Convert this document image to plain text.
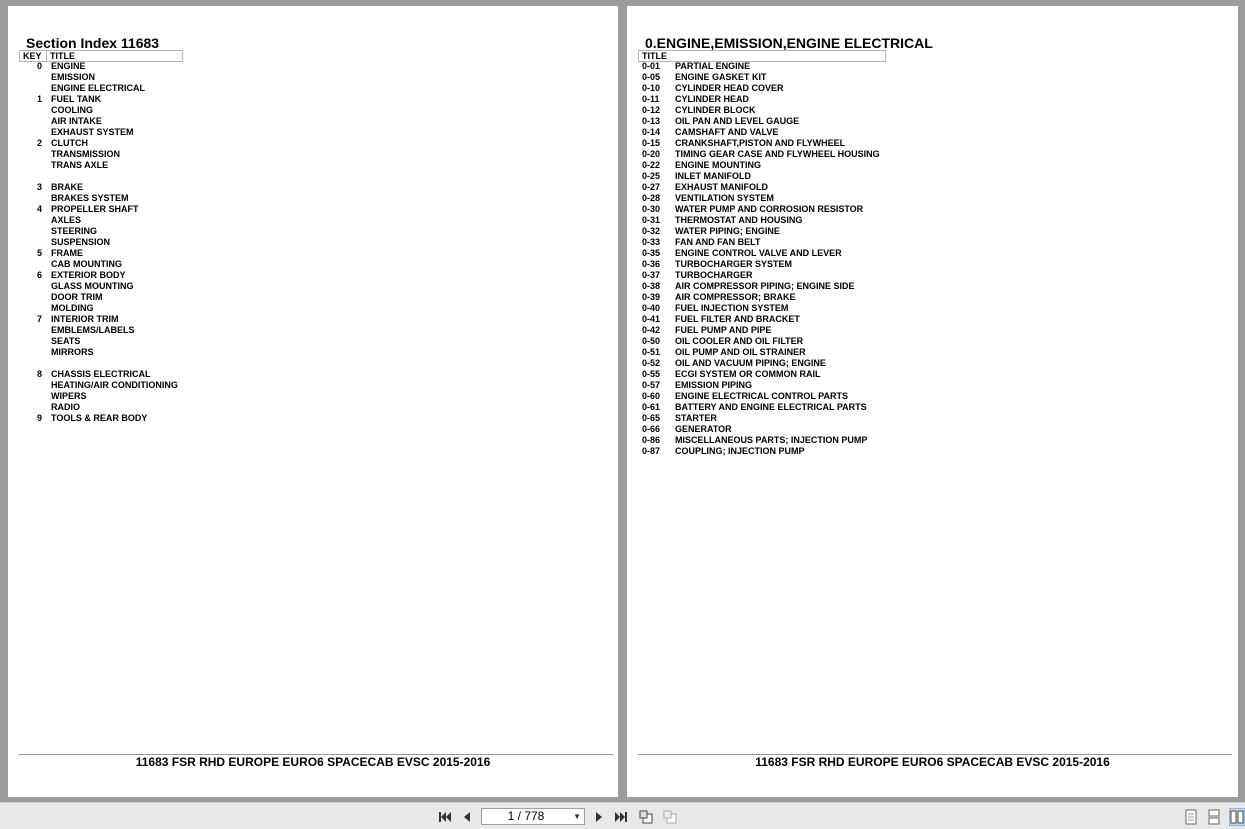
Section Index 11683
KEY TITLE
0 ENGINE
EMISSION
ENGINE ELECTRICAL
1 FUEL TANK
COOLING
AIR INTAKE
EXHAUST SYSTEM
2 CLUTCH
TRANSMISSION
TRANS AXLE
3 BRAKE
BRAKES SYSTEM
4 PROPELLER SHAFT
AXLES
STEERING
SUSPENSION
5 FRAME
CAB MOUNTING
6 EXTERIOR BODY
GLASS MOUNTING
DOOR TRIM
MOLDING
7 INTERIOR TRIM
EMBLEMS/LABELS
SEATS
MIRRORS
8 CHASSIS ELECTRICAL
HEATING/AIR CONDITIONING
WIPERS
RADIO
9 TOOLS & REAR BODY
11683 FSR RHD EUROPE EURO6 SPACECAB EVSC 2015-2016
0.ENGINE,EMISSION,ENGINE ELECTRICAL
TITLE
0-01 PARTIAL ENGINE
0-05 ENGINE GASKET KIT
0-10 CYLINDER HEAD COVER
0-11 CYLINDER HEAD
0-12 CYLINDER BLOCK
0-13 OIL PAN AND LEVEL GAUGE
0-14 CAMSHAFT AND VALVE
0-15 CRANKSHAFT,PISTON AND FLYWHEEL
0-20 TIMING GEAR CASE AND FLYWHEEL HOUSING
0-22 ENGINE MOUNTING
0-25 INLET MANIFOLD
0-27 EXHAUST MANIFOLD
0-28 VENTILATION SYSTEM
0-30 WATER PUMP AND CORROSION RESISTOR
0-31 THERMOSTAT AND HOUSING
0-32 WATER PIPING; ENGINE
0-33 FAN AND FAN BELT
0-35 ENGINE CONTROL VALVE AND LEVER
0-36 TURBOCHARGER SYSTEM
0-37 TURBOCHARGER
0-38 AIR COMPRESSOR PIPING; ENGINE SIDE
0-39 AIR COMPRESSOR; BRAKE
0-40 FUEL INJECTION SYSTEM
0-41 FUEL FILTER AND BRACKET
0-42 FUEL PUMP AND PIPE
0-50 OIL COOLER AND OIL FILTER
0-51 OIL PUMP AND OIL STRAINER
0-52 OIL AND VACUUM PIPING; ENGINE
0-55 ECGI SYSTEM OR COMMON RAIL
0-57 EMISSION PIPING
0-60 ENGINE ELECTRICAL CONTROL PARTS
0-61 BATTERY AND ENGINE ELECTRICAL PARTS
0-65 STARTER
0-66 GENERATOR
0-86 MISCELLANEOUS PARTS; INJECTION PUMP
0-87 COUPLING; INJECTION PUMP
11683 FSR RHD EUROPE EURO6 SPACECAB EVSC 2015-2016
1 / 778	▼
